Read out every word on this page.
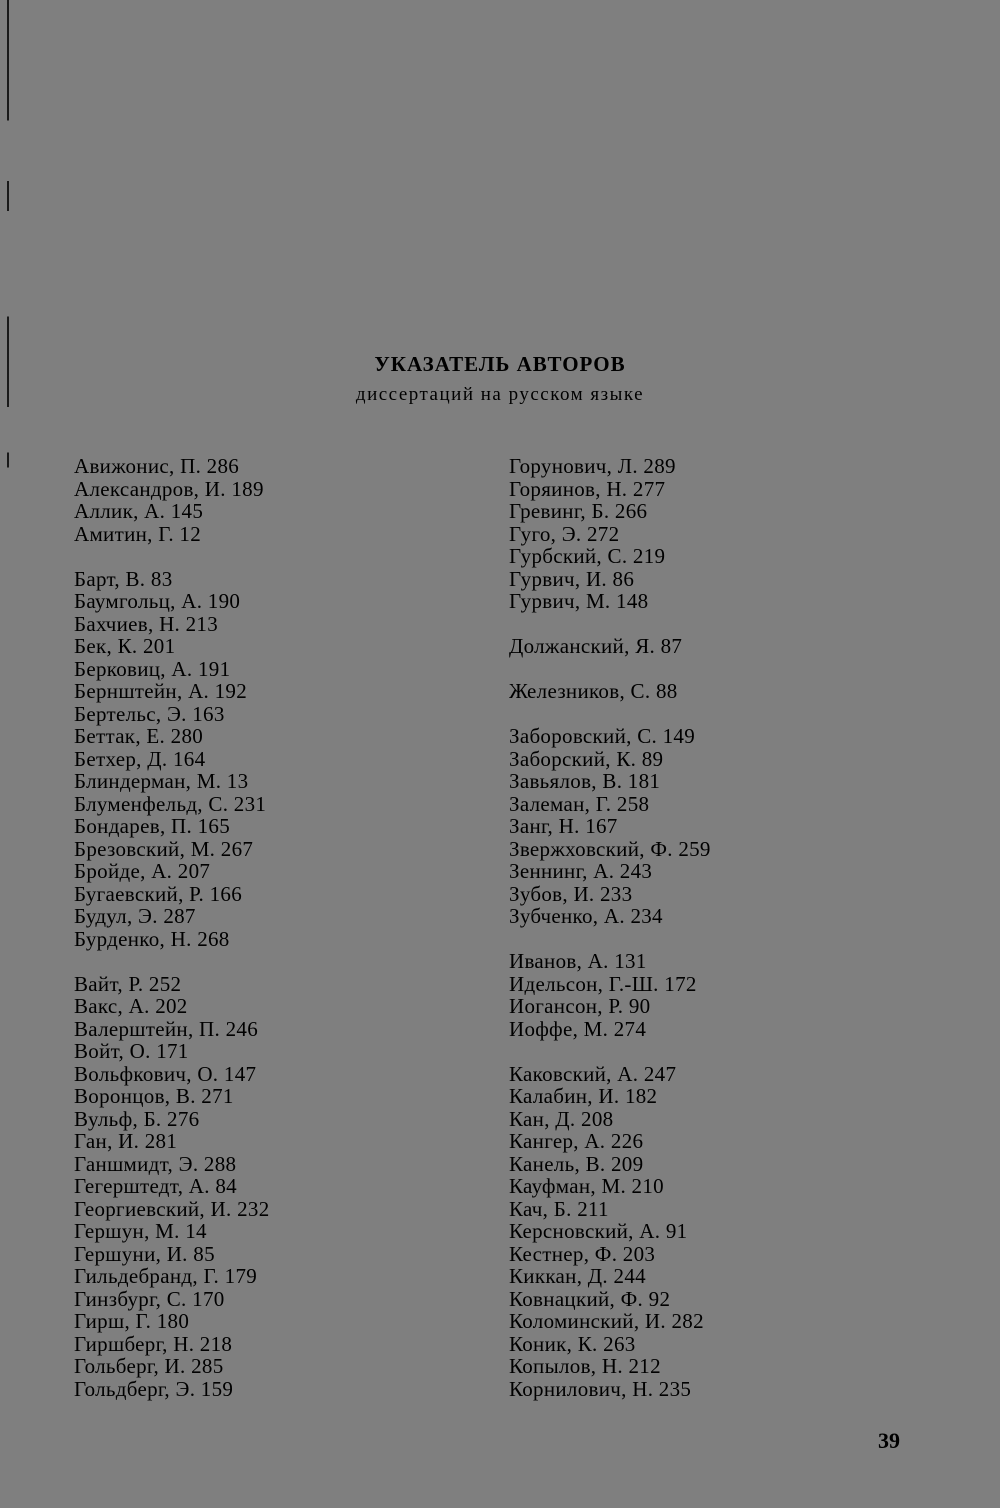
УКАЗАТЕЛЬ АВТОРОВ
диссертаций на русском языке
Авижонис, П. 286
Александров, И. 189
Аллик, А. 145
Амитин, Г. 12
Барт, В. 83
Баумгольц, А. 190
Бахчиев, Н. 213
Бек, К. 201
Берковиц, А. 191
Бернштейн, А. 192
Бертельс, Э. 163
Беттак, Е. 280
Бетхер, Д. 164
Блиндерман, М. 13
Блуменфельд, С. 231
Бондарев, П. 165
Брезовский, М. 267
Бройде, А. 207
Бугаевский, Р. 166
Будул, Э. 287
Бурденко, Н. 268
Вайт, Р. 252
Вакс, А. 202
Валерштейн, П. 246
Войт, О. 171
Вольфкович, О. 147
Воронцов, В. 271
Вульф, Б. 276
Ган, И. 281
Ганшмидт, Э. 288
Гегерштедт, А. 84
Георгиевский, И. 232
Гершун, М. 14
Гершуни, И. 85
Гильдебранд, Г. 179
Гинзбург, С. 170
Гирш, Г. 180
Гиршберг, Н. 218
Гольберг, И. 285
Гольдберг, Э. 159
Горунович, Л. 289
Горяинов, Н. 277
Гревинг, Б. 266
Гуго, Э. 272
Гурбский, С. 219
Гурвич, И. 86
Гурвич, М. 148
Должанский, Я. 87
Железников, С. 88
Заборовский, С. 149
Заборский, К. 89
Завьялов, В. 181
Залеман, Г. 258
Занг, Н. 167
Звержховский, Ф. 259
Зеннинг, А. 243
Зубов, И. 233
Зубченко, А. 234
Иванов, А. 131
Идельсон, Г.-Ш. 172
Иогансон, Р. 90
Иоффе, М. 274
Каковский, А. 247
Калабин, И. 182
Кан, Д. 208
Кангер, А. 226
Канель, В. 209
Кауфман, М. 210
Кач, Б. 211
Керсновский, А. 91
Кестнер, Ф. 203
Киккан, Д. 244
Ковнацкий, Ф. 92
Коломинский, И. 282
Коник, К. 263
Копылов, Н. 212
Корнилович, Н. 235
39
